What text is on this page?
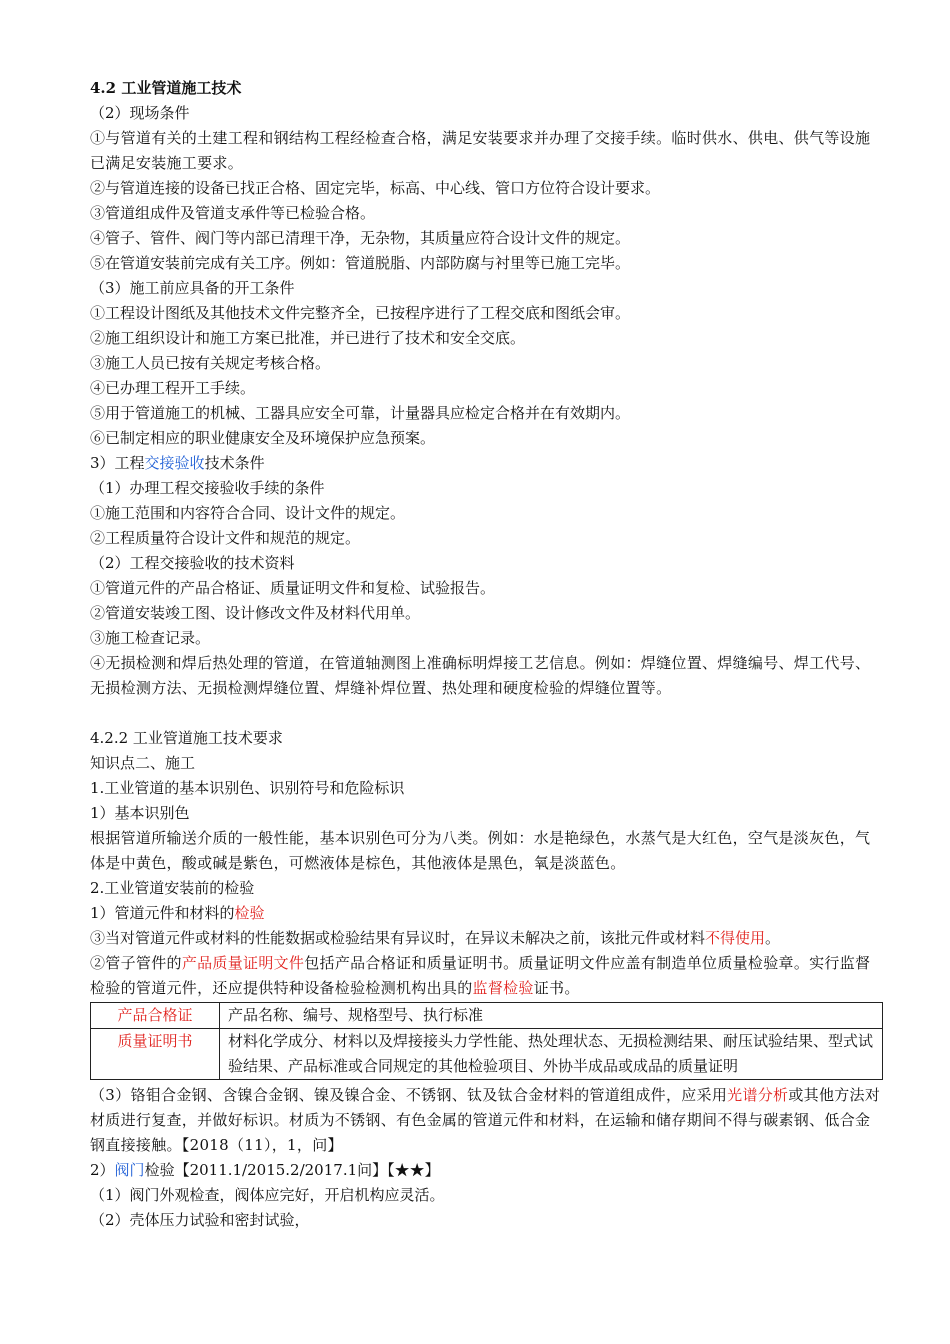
4.2 工业管道施工技术
（2）现场条件
①与管道有关的土建工程和钢结构工程经检查合格，满足安装要求并办理了交接手续。临时供水、供电、供气等设施已满足安装施工要求。
②与管道连接的设备已找正合格、固定完毕，标高、中心线、管口方位符合设计要求。
③管道组成件及管道支承件等已检验合格。
④管子、管件、阀门等内部已清理干净，无杂物，其质量应符合设计文件的规定。
⑤在管道安装前完成有关工序。例如：管道脱脂、内部防腐与衬里等已施工完毕。
（3）施工前应具备的开工条件
①工程设计图纸及其他技术文件完整齐全，已按程序进行了工程交底和图纸会审。
②施工组织设计和施工方案已批准，并已进行了技术和安全交底。
③施工人员已按有关规定考核合格。
④已办理工程开工手续。
⑤用于管道施工的机械、工器具应安全可靠，计量器具应检定合格并在有效期内。
⑥已制定相应的职业健康安全及环境保护应急预案。
3）工程交接验收技术条件
（1）办理工程交接验收手续的条件
①施工范围和内容符合合同、设计文件的规定。
②工程质量符合设计文件和规范的规定。
（2）工程交接验收的技术资料
①管道元件的产品合格证、质量证明文件和复检、试验报告。
②管道安装竣工图、设计修改文件及材料代用单。
③施工检查记录。
④无损检测和焊后热处理的管道，在管道轴测图上准确标明焊接工艺信息。例如：焊缝位置、焊缝编号、焊工代号、无损检测方法、无损检测焊缝位置、焊缝补焊位置、热处理和硬度检验的焊缝位置等。
4.2.2 工业管道施工技术要求
知识点二、施工
1.工业管道的基本识别色、识别符号和危险标识
1）基本识别色
根据管道所输送介质的一般性能，基本识别色可分为八类。例如：水是艳绿色，水蒸气是大红色，空气是淡灰色，气体是中黄色，酸或碱是紫色，可燃液体是棕色，其他液体是黑色，氧是淡蓝色。
2.工业管道安装前的检验
1）管道元件和材料的检验
③当对管道元件或材料的性能数据或检验结果有异议时，在异议未解决之前，该批元件或材料不得使用。
②管子管件的产品质量证明文件包括产品合格证和质量证明书。质量证明文件应盖有制造单位质量检验章。实行监督检验的管道元件，还应提供特种设备检验检测机构出具的监督检验证书。
产品合格证	产品名称、编号、规格型号、执行标准
质量证明书	材料化学成分、材料以及焊接接头力学性能、热处理状态、无损检测结果、耐压试验结果、型式试验结果、产品标准或合同规定的其他检验项目、外协半成品或成品的质量证明
（3）铬钼合金钢、含镍合金钢、镍及镍合金、不锈钢、钛及钛合金材料的管道组成件，应采用光谱分析或其他方法对材质进行复查，并做好标识。材质为不锈钢、有色金属的管道元件和材料，在运输和储存期间不得与碳素钢、低合金钢直接接触。【2018（11），1，问】
2）阀门检验【2011.1/2015.2/2017.1问】【★★】
（1）阀门外观检查，阀体应完好，开启机构应灵活。
（2）壳体压力试验和密封试验，
